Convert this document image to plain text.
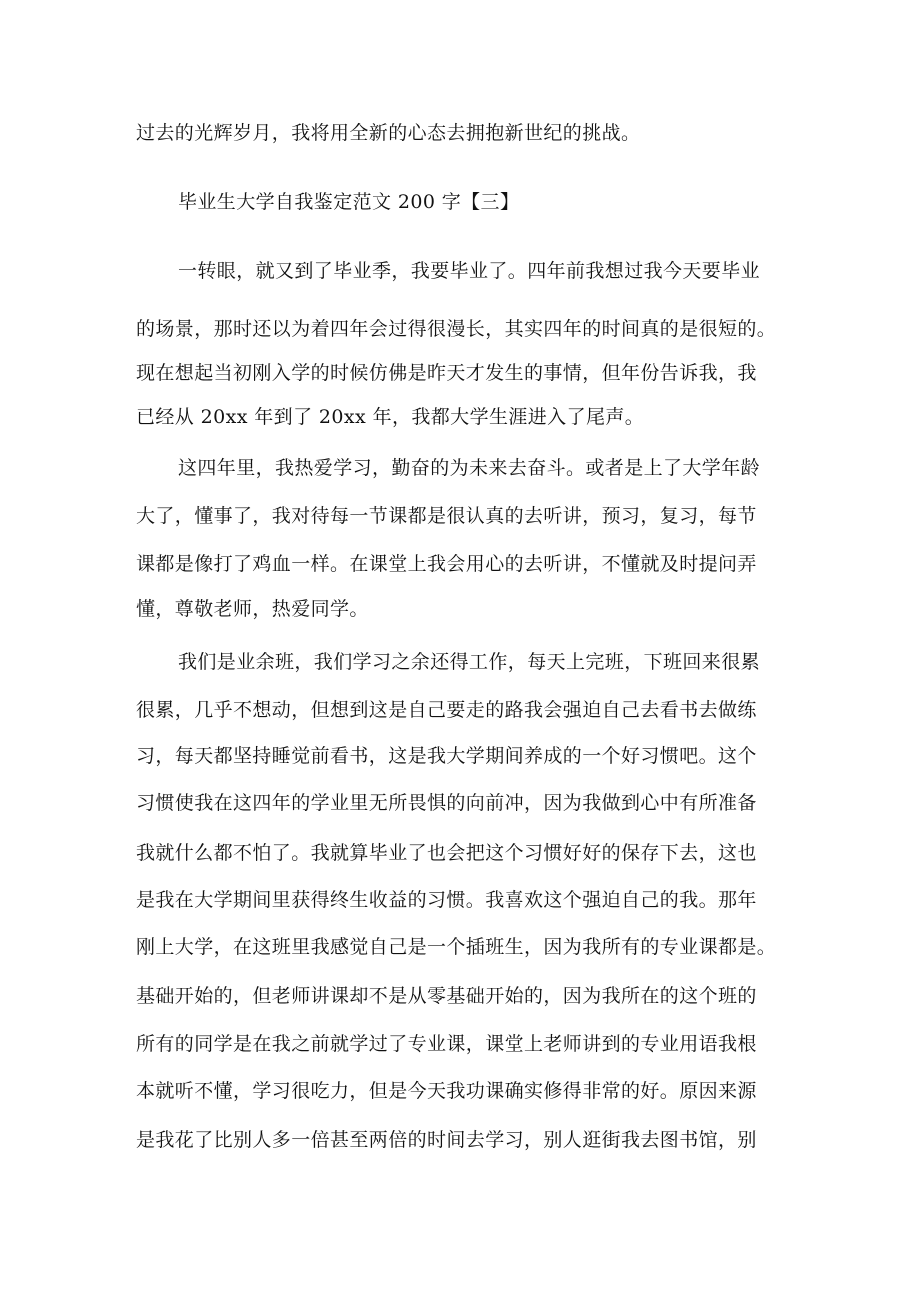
过去的光辉岁月，我将用全新的心态去拥抱新世纪的挑战。
毕业生大学自我鉴定范文 200 字【三】
一转眼，就又到了毕业季，我要毕业了。四年前我想过我今天要毕业
的场景，那时还以为着四年会过得很漫长，其实四年的时间真的是很短的。
现在想起当初刚入学的时候仿佛是昨天才发生的事情，但年份告诉我，我
已经从 20xx 年到了 20xx 年，我都大学生涯进入了尾声。
这四年里，我热爱学习，勤奋的为未来去奋斗。或者是上了大学年龄
大了，懂事了，我对待每一节课都是很认真的去听讲，预习，复习，每节
课都是像打了鸡血一样。在课堂上我会用心的去听讲，不懂就及时提问弄
懂，尊敬老师，热爱同学。
我们是业余班，我们学习之余还得工作，每天上完班，下班回来很累
很累，几乎不想动，但想到这是自己要走的路我会强迫自己去看书去做练
习，每天都坚持睡觉前看书，这是我大学期间养成的一个好习惯吧。这个
习惯使我在这四年的学业里无所畏惧的向前冲，因为我做到心中有所准备
我就什么都不怕了。我就算毕业了也会把这个习惯好好的保存下去，这也
是我在大学期间里获得终生收益的习惯。我喜欢这个强迫自己的我。那年
刚上大学，在这班里我感觉自己是一个插班生，因为我所有的专业课都是。
基础开始的，但老师讲课却不是从零基础开始的，因为我所在的这个班的
所有的同学是在我之前就学过了专业课，课堂上老师讲到的专业用语我根
本就听不懂，学习很吃力，但是今天我功课确实修得非常的好。原因来源
是我花了比别人多一倍甚至两倍的时间去学习，别人逛街我去图书馆，别
